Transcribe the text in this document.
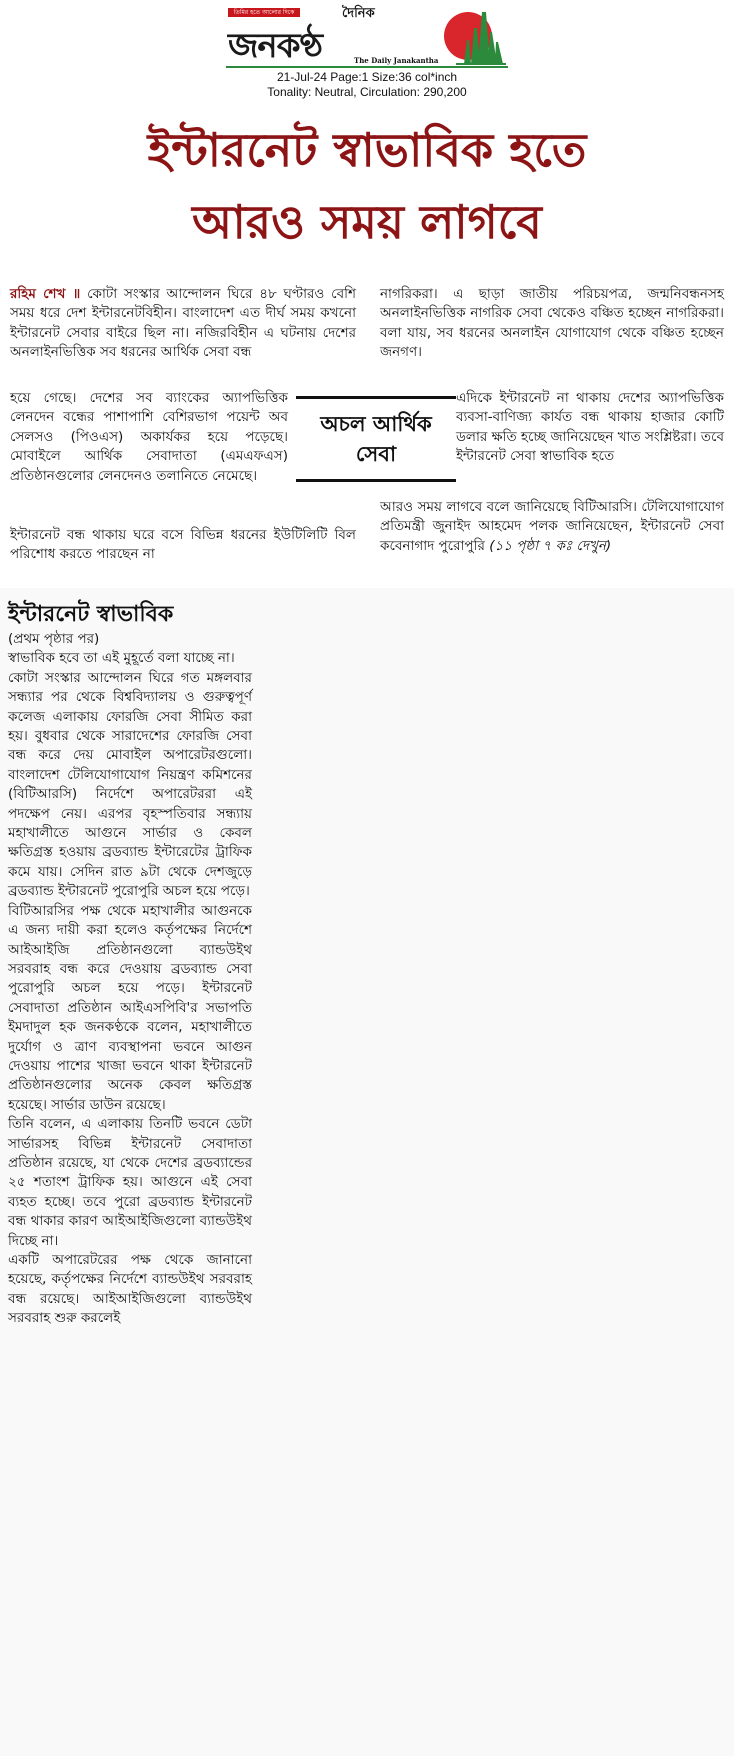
তিমির হতে আলোর দিকে	দৈনিক
জনকণ্ঠ	The Daily Janakantha
21-Jul-24 Page:1 Size:36 col*inch
Tonality: Neutral, Circulation: 290,200
ইন্টারনেট স্বাভাবিক হতে
আরও সময় লাগবে

রহিম শেখ ॥ কোটা সংস্কার আন্দোলন ঘিরে ৪৮ ঘণ্টারও বেশি সময় ধরে দেশ ইন্টারনেটবিহীন। বাংলাদেশ এত দীর্ঘ সময় কখনো ইন্টারনেট সেবার বাইরে ছিল না। নজিরবিহীন এ ঘটনায় দেশের অনলাইনভিত্তিক সব ধরনের আর্থিক সেবা বন্ধ

হয়ে গেছে। দেশের সব ব্যাংকের অ্যাপভিত্তিক লেনদেন বন্ধের পাশাপাশি বেশিরভাগ পয়েন্ট অব সেলসও (পিওএস) অকার্যকর হয়ে পড়েছে। মোবাইলে আর্থিক সেবাদাতা (এমএফএস) প্রতিষ্ঠানগুলোর লেনদেনও তলানিতে নেমেছে।

ইন্টারনেট বন্ধ থাকায় ঘরে বসে বিভিন্ন ধরনের ইউটিলিটি বিল পরিশোধ করতে পারছেন না

অচল আর্থিক
সেবা

নাগরিকরা। এ ছাড়া জাতীয় পরিচয়পত্র, জন্মনিবন্ধনসহ অনলাইনভিত্তিক নাগরিক সেবা থেকেও বঞ্চিত হচ্ছেন নাগরিকরা। বলা যায়, সব ধরনের অনলাইন যোগাযোগ থেকে বঞ্চিত হচ্ছেন জনগণ।

এদিকে ইন্টারনেট না থাকায় দেশের অ্যাপভিত্তিক ব্যবসা-বাণিজ্য কার্যত বন্ধ থাকায় হাজার কোটি ডলার ক্ষতি হচ্ছে জানিয়েছেন খাত সংশ্লিষ্টরা। তবে ইন্টারনেট সেবা স্বাভাবিক হতে

আরও সময় লাগবে বলে জানিয়েছে বিটিআরসি। টেলিযোগাযোগ প্রতিমন্ত্রী জুনাইদ আহমেদ পলক জানিয়েছেন, ইন্টারনেট সেবা কবেনাগাদ পুরোপুরি (১১ পৃষ্ঠা ৭ কঃ দেখুন)

ইন্টারনেট স্বাভাবিক

(প্রথম পৃষ্ঠার পর)

স্বাভাবিক হবে তা এই মুহূর্তে বলা যাচ্ছে না।

কোটা সংস্কার আন্দোলন ঘিরে গত মঙ্গলবার সন্ধ্যার পর থেকে বিশ্ববিদ্যালয় ও গুরুত্বপূর্ণ কলেজ এলাকায় ফোরজি সেবা সীমিত করা হয়। বুধবার থেকে সারাদেশের ফোরজি সেবা বন্ধ করে দেয় মোবাইল অপারেটরগুলো। বাংলাদেশ টেলিযোগাযোগ নিয়ন্ত্রণ কমিশনের (বিটিআরসি) নির্দেশে অপারেটররা এই পদক্ষেপ নেয়। এরপর বৃহস্পতিবার সন্ধ্যায় মহাখালীতে আগুনে সার্ভার ও কেবল ক্ষতিগ্রস্ত হওয়ায় ব্রডব্যান্ড ইন্টারেটের ট্রাফিক কমে যায়। সেদিন রাত ৯টা থেকে দেশজুড়ে ব্রডব্যান্ড ইন্টারনেট পুরোপুরি অচল হয়ে পড়ে।

বিটিআরসির পক্ষ থেকে মহাখালীর আগুনকে এ জন্য দায়ী করা হলেও কর্তৃপক্ষের নির্দেশে আইআইজি প্রতিষ্ঠানগুলো ব্যান্ডউইথ সরবরাহ বন্ধ করে দেওয়ায় ব্রডব্যান্ড সেবা পুরোপুরি অচল হয়ে পড়ে। ইন্টারনেট সেবাদাতা প্রতিষ্ঠান আইএসপিবি'র সভাপতি ইমদাদুল হক জনকণ্ঠকে বলেন, মহাখালীতে দুর্যোগ ও ত্রাণ ব্যবস্থাপনা ভবনে আগুন দেওয়ায় পাশের খাজা ভবনে থাকা ইন্টারনেট প্রতিষ্ঠানগুলোর অনেক কেবল ক্ষতিগ্রস্ত হয়েছে। সার্ভার ডাউন রয়েছে।

তিনি বলেন, এ এলাকায় তিনটি ভবনে ডেটা সার্ভারসহ বিভিন্ন ইন্টারনেট সেবাদাতা প্রতিষ্ঠান রয়েছে, যা থেকে দেশের ব্রডব্যান্ডের ২৫ শতাংশ ট্রাফিক হয়। আগুনে এই সেবা ব্যহত হচ্ছে। তবে পুরো ব্রডব্যান্ড ইন্টারনেট বন্ধ থাকার কারণ আইআইজিগুলো ব্যান্ডউইথ দিচ্ছে না।

একটি অপারেটরের পক্ষ থেকে জানানো হয়েছে, কর্তৃপক্ষের নির্দেশে ব্যান্ডউইথ সরবরাহ বন্ধ রয়েছে। আইআইজিগুলো ব্যান্ডউইথ সরবরাহ শুরু করলেই
